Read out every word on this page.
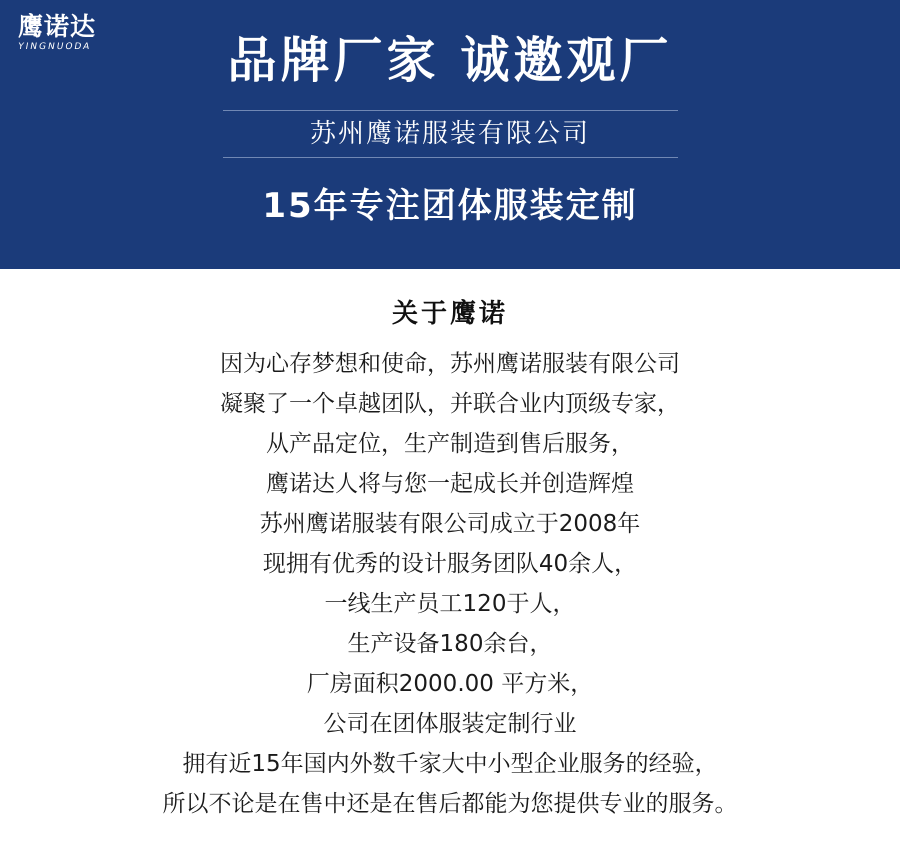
鹰诺达
YINGNUODA	品牌厂家 诚邀观厂
苏州鹰诺服装有限公司
15年专注团体服装定制
关于鹰诺
因为心存梦想和使命，苏州鹰诺服装有限公司
凝聚了一个卓越团队，并联合业内顶级专家，
从产品定位，生产制造到售后服务，
鹰诺达人将与您一起成长并创造辉煌
苏州鹰诺服装有限公司成立于2008年
现拥有优秀的设计服务团队40余人，
一线生产员工120于人，
生产设备180余台，
厂房面积2000.00 平方米，
公司在团体服装定制行业
拥有近15年国内外数千家大中小型企业服务的经验，
所以不论是在售中还是在售后都能为您提供专业的服务。
